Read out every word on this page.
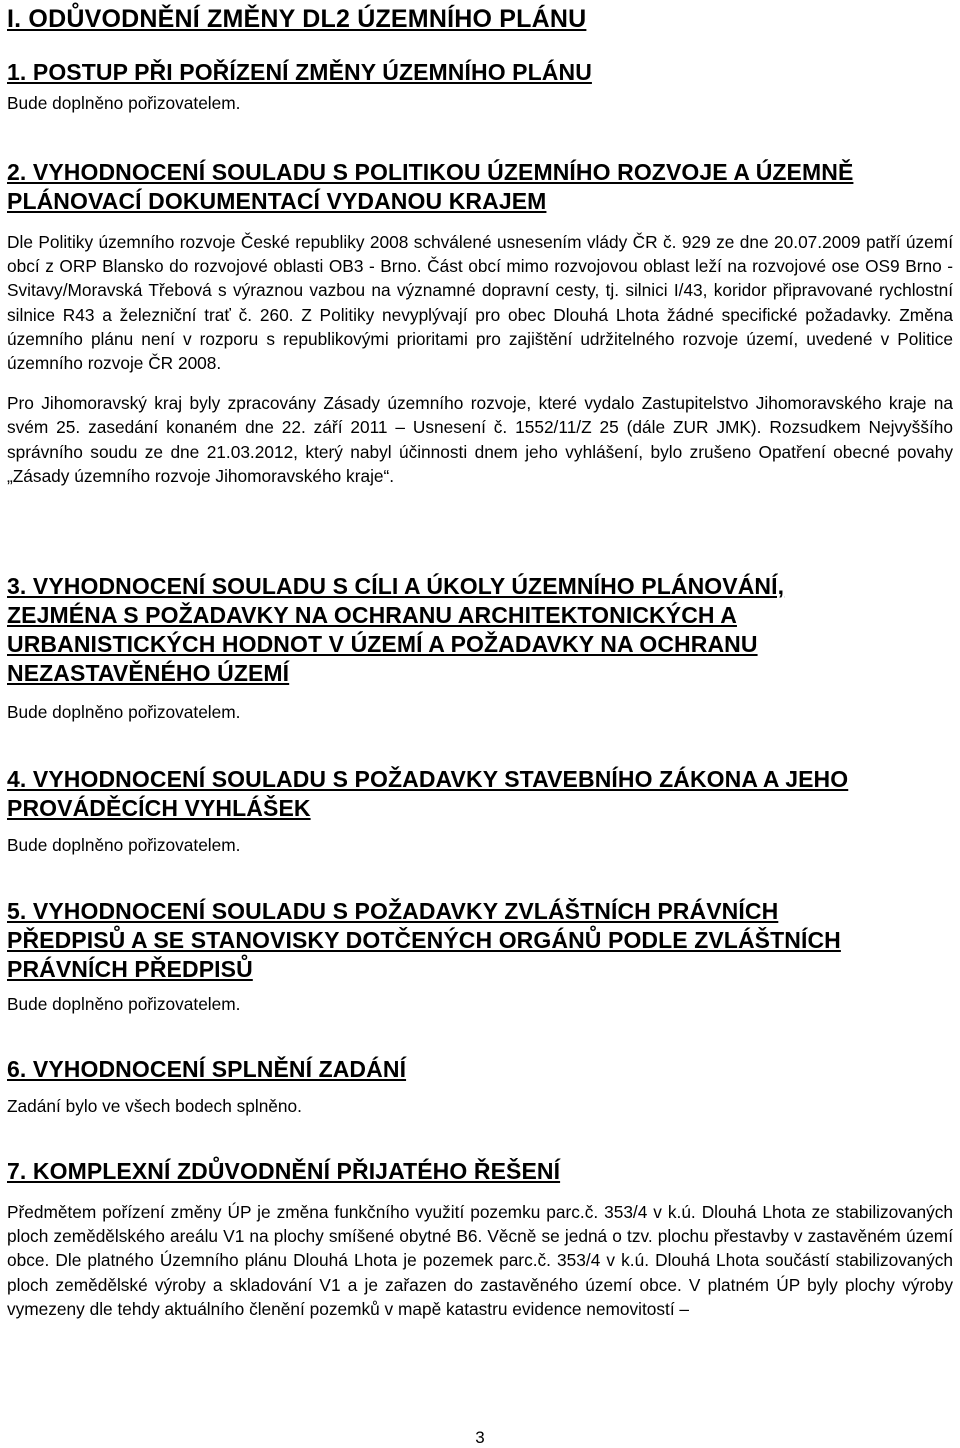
I. ODŮVODNĚNÍ ZMĚNY DL2 ÚZEMNÍHO PLÁNU
1. POSTUP PŘI POŘÍZENÍ ZMĚNY ÚZEMNÍHO PLÁNU

Bude doplněno pořizovatelem.

2. VYHODNOCENÍ SOULADU S POLITIKOU ÚZEMNÍHO ROZVOJE A ÚZEMNĚ
PLÁNOVACÍ DOKUMENTACÍ VYDANOU KRAJEM

Dle Politiky územního rozvoje České republiky 2008 schválené usnesením vlády ČR č. 929 ze dne 20.07.2009 patří území obcí z ORP Blansko do rozvojové oblasti OB3 - Brno. Část obcí mimo rozvojovou oblast leží na rozvojové ose OS9 Brno - Svitavy/Moravská Třebová s výraznou vazbou na významné dopravní cesty, tj. silnici I/43, koridor připravované rychlostní silnice R43 a železniční trať č. 260. Z Politiky nevyplývají pro obec Dlouhá Lhota žádné specifické požadavky. Změna územního plánu není v rozporu s republikovými prioritami pro zajištění udržitelného rozvoje území, uvedené v Politice územního rozvoje ČR 2008.

Pro Jihomoravský kraj byly zpracovány Zásady územního rozvoje, které vydalo Zastupitelstvo Jihomoravského kraje na svém 25. zasedání konaném dne 22. září 2011 – Usnesení č. 1552/11/Z 25 (dále ZUR JMK). Rozsudkem Nejvyššího správního soudu ze dne 21.03.2012, který nabyl účinnosti dnem jeho vyhlášení, bylo zrušeno Opatření obecné povahy „Zásady územního rozvoje Jihomoravského kraje“.

3. VYHODNOCENÍ SOULADU S CÍLI A ÚKOLY ÚZEMNÍHO PLÁNOVÁNÍ,
ZEJMÉNA S POŽADAVKY NA OCHRANU ARCHITEKTONICKÝCH A
URBANISTICKÝCH HODNOT V ÚZEMÍ A POŽADAVKY NA OCHRANU
NEZASTAVĚNÉHO ÚZEMÍ

Bude doplněno pořizovatelem.

4. VYHODNOCENÍ SOULADU S POŽADAVKY STAVEBNÍHO ZÁKONA A JEHO
PROVÁDĚCÍCH VYHLÁŠEK

Bude doplněno pořizovatelem.

5. VYHODNOCENÍ SOULADU S POŽADAVKY ZVLÁŠTNÍCH PRÁVNÍCH
PŘEDPISŮ A SE STANOVISKY DOTČENÝCH ORGÁNŮ PODLE ZVLÁŠTNÍCH
PRÁVNÍCH PŘEDPISŮ

Bude doplněno pořizovatelem.

6. VYHODNOCENÍ SPLNĚNÍ ZADÁNÍ

Zadání bylo ve všech bodech splněno.

7. KOMPLEXNÍ ZDŮVODNĚNÍ PŘIJATÉHO ŘEŠENÍ

Předmětem pořízení změny ÚP je změna funkčního využití pozemku parc.č. 353/4 v k.ú. Dlouhá Lhota ze stabilizovaných ploch zemědělského areálu V1 na plochy smíšené obytné B6. Věcně se jedná o tzv. plochu přestavby v zastavěném území obce. Dle platného Územního plánu Dlouhá Lhota je pozemek parc.č. 353/4 v k.ú. Dlouhá Lhota součástí stabilizovaných ploch zemědělské výroby a skladování V1 a je zařazen do zastavěného území obce. V platném ÚP byly plochy výroby vymezeny dle tehdy aktuálního členění pozemků v mapě katastru evidence nemovitostí –

3
